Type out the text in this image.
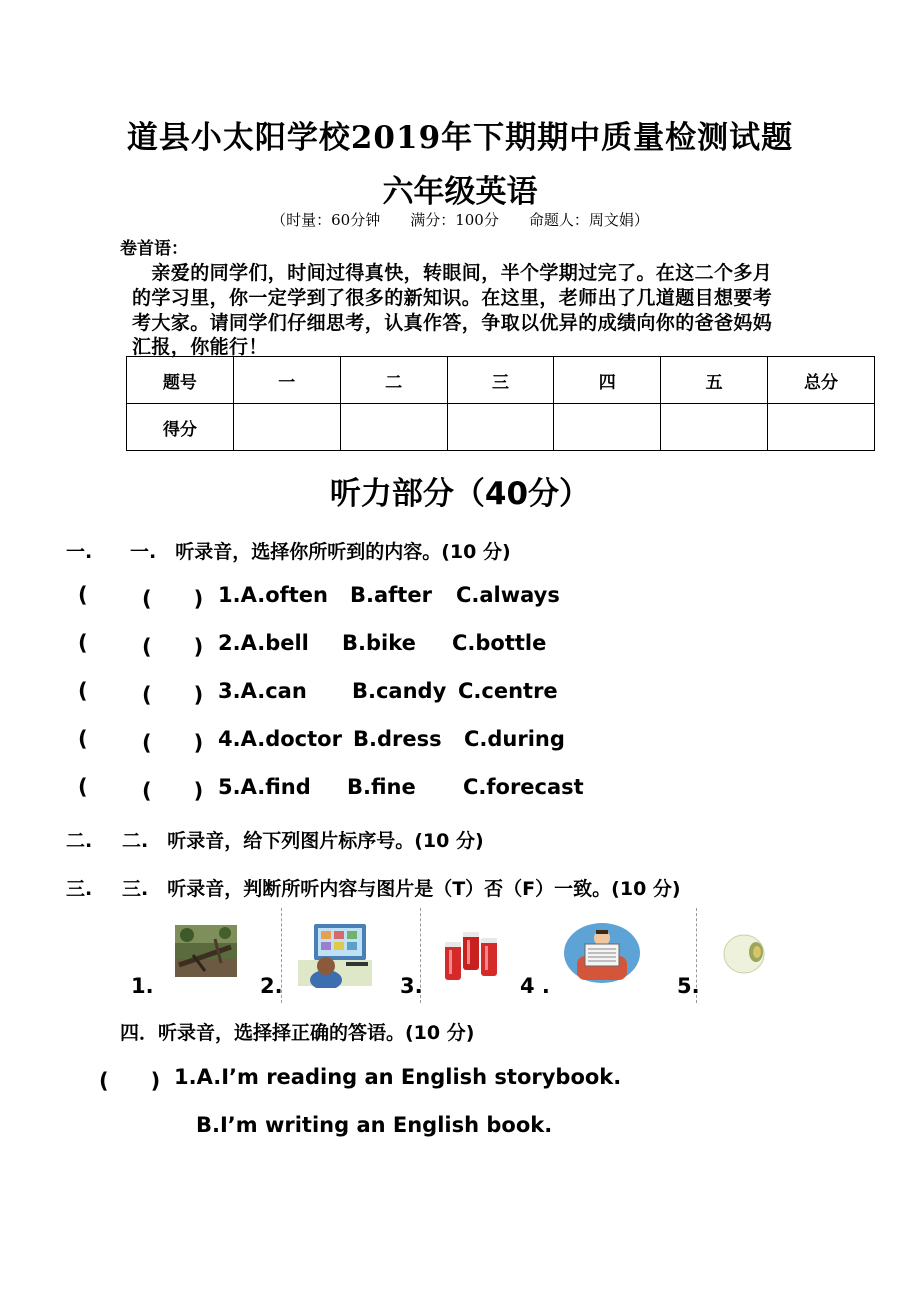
道县小太阳学校2019年下期期中质量检测试题
六年级英语
（时量：60分钟　　满分：100分　　命题人：周文娟）
卷首语：
　亲爱的同学们，时间过得真快，转眼间，半个学期过完了。在这二个多月
的学习里，你一定学到了很多的新知识。在这里，老师出了几道题目想要考
考大家。请同学们仔细思考，认真作答，争取以优异的成绩向你的爸爸妈妈
汇报，你能行！
题号	一	二	三	四	五	总分
得分						
听力部分（40分）
一. 一.　听录音，选择你所听到的内容。(10 分)
(	(　　) 1.A.often B.after C.always
(	(　　) 2.A.bell B.bike C.bottle
(	(　　) 3.A.can B.candy C.centre
(	(　　) 4.A.doctor B.dress C.during
(	(　　) 5.A.find B.fine C.forecast
二. 二.　听录音，给下列图片标序号。(10 分)
三. 三.　听录音，判断所听内容与图片是（T）否（F）一致。(10 分)
1.	2.	3.	4 .	5.
四．听录音，选择择正确的答语。(10 分)
(　　) 1.A.I’m reading an English storybook.
B.I’m writing an English book.
